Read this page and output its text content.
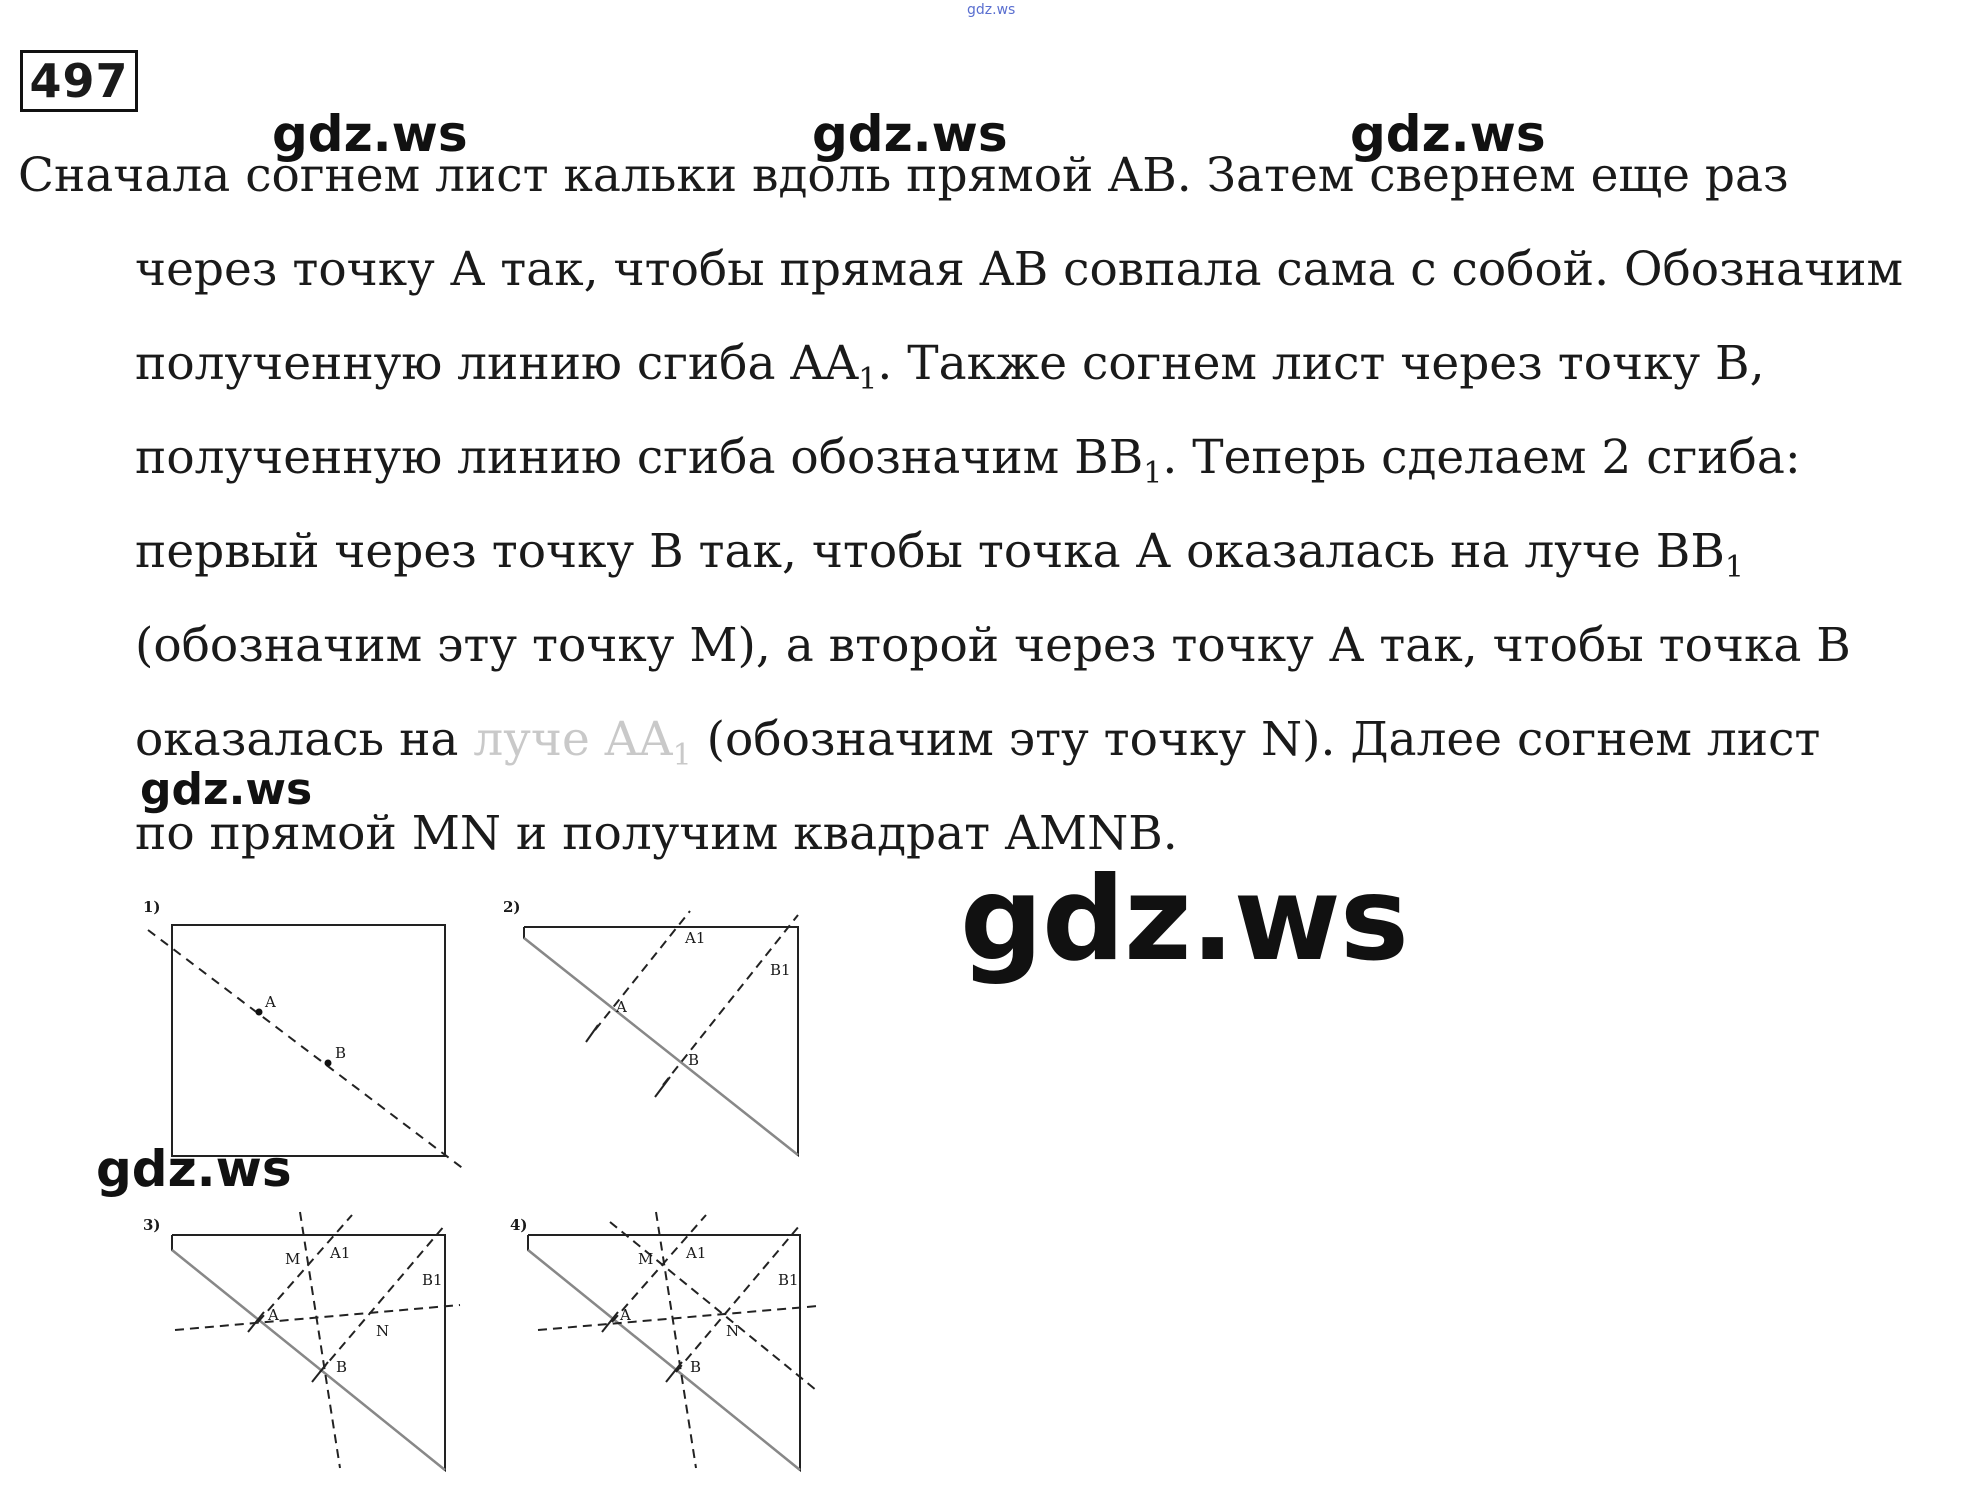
gdz.ws
497
Сначала согнем лист кальки вдоль прямой AB. Затем свернем еще раз
через точку А так, чтобы прямая AB совпала сама с собой. Обозначим
полученную линию сгиба $AA_1$. Также согнем лист через точку B,
полученную линию сгиба обозначим $BB_1$. Теперь сделаем 2 сгиба:
первый через точку B так, чтобы точка А оказалась на луче $BB_1$
(обозначим эту точку M), а второй через точку А так, чтобы точка B
оказалась на луче $AA_1$ (обозначим эту точку N). Далее согнем лист
по прямой MN и получим квадрат AMNB.
gdz.ws	gdz.ws	gdz.ws
gdz.ws
gdz.ws
gdz.ws
1)
A
B
2)
A1
B1
A
B
3)
M A1
B1
A
N
B
4)
M A1
B1
A
N
B
